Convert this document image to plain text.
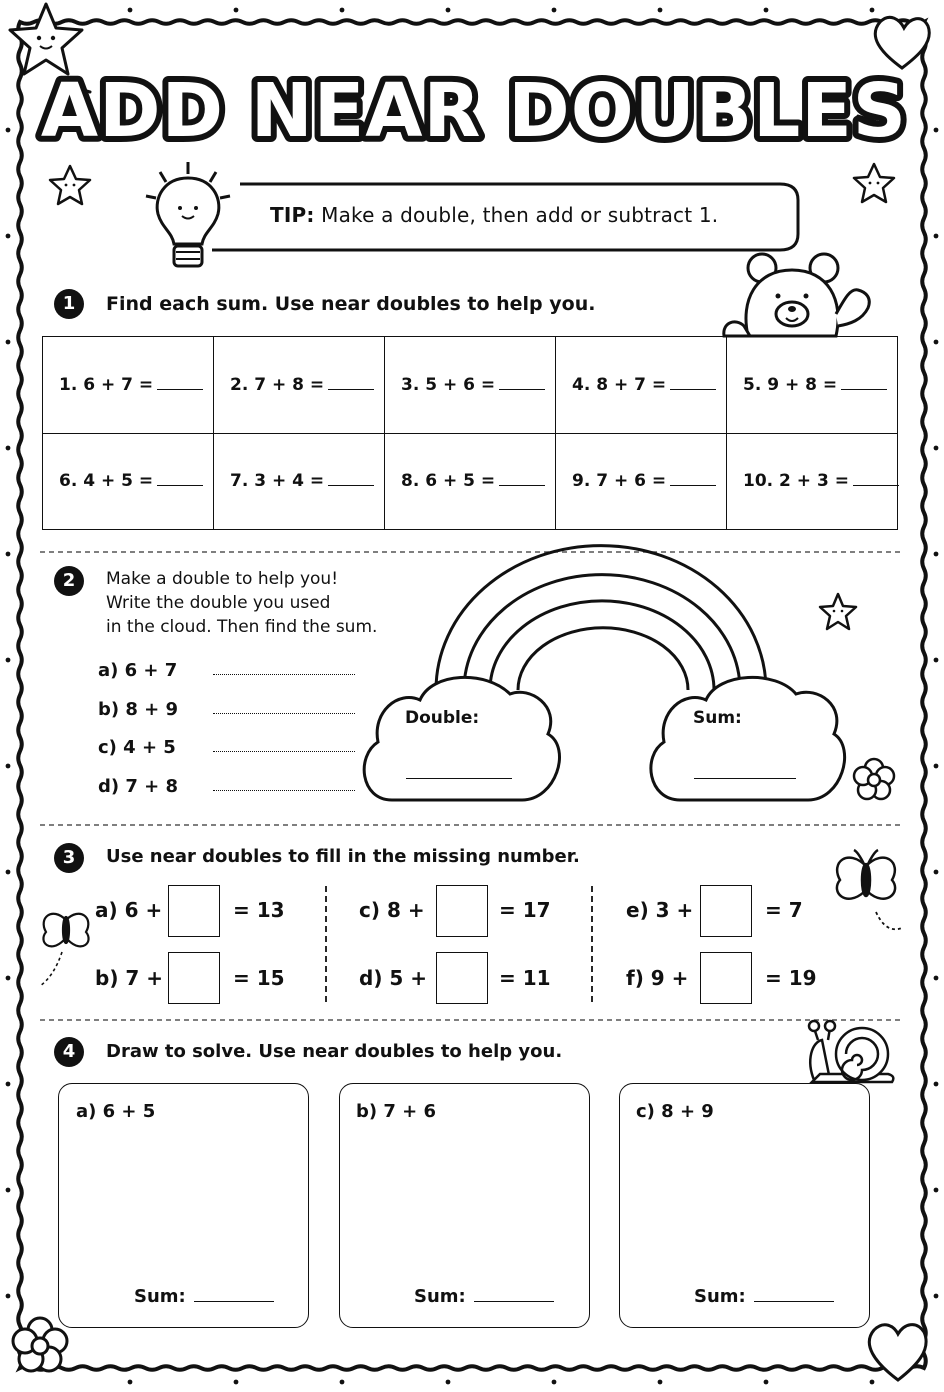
ADD NEAR DOUBLES
TIP: Make a double, then add or subtract 1.
1	Find each sum. Use near doubles to help you.
1. 6 + 7 =	2. 7 + 8 =	3. 5 + 6 =	4. 8 + 7 =	5. 9 + 8 =
6. 4 + 5 =	7. 3 + 4 =	8. 6 + 5 =	9. 7 + 6 =	10. 2 + 3 =
2	Make a double to help you!
Write the double you used
in the cloud. Then find the sum.
a) 6 + 7
b) 8 + 9
c) 4 + 5
d) 7 + 8
Double:	Sum:
3	Use near doubles to fill in the missing number.
a) 6 +	= 13
b) 7 +	= 15
c) 8 +	= 17
d) 5 +	= 11
e) 3 +	= 7
f) 9 +	= 19
4	Draw to solve. Use near doubles to help you.
a) 6 + 5
Sum:
b) 7 + 6
Sum:
c) 8 + 9
Sum:
